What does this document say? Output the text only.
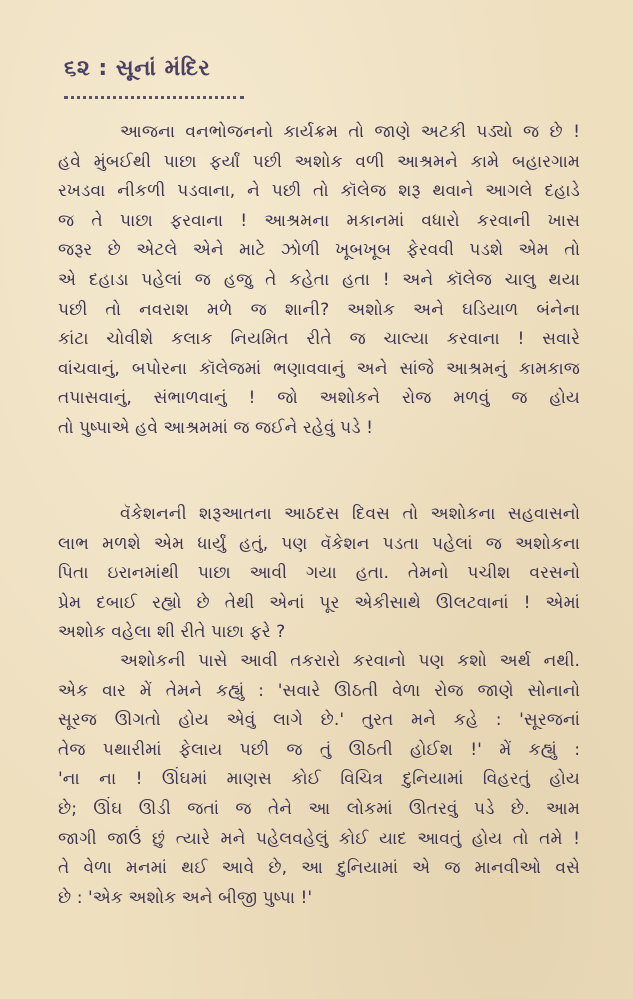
૬૨ : સૂનાં મંદિર
આજના વનભોજનનો કાર્યક્રમ તો જાણે અટકી પડ્યો જ છે !
હવે મુંબઈથી પાછા ફર્યાં પછી અશોક વળી આશ્રમને કામે બહારગામ
રખડવા નીકળી પડવાના, ને પછી તો કૉલેજ શરૂ થવાને આગલે દહાડે
જ તે પાછા ફરવાના ! આશ્રમના મકાનમાં વધારો કરવાની ખાસ
જરૂર છે એટલે એને માટે ઝોળી ખૂબખૂબ ફેરવવી પડશે એમ તો
એ દહાડા પહેલાં જ હજુ તે કહેતા હતા ! અને કૉલેજ ચાલુ થયા
પછી તો નવરાશ મળે જ શાની? અશોક અને ઘડિયાળ બંનેના
કાંટા ચોવીશે કલાક નિયમિત રીતે જ ચાલ્યા કરવાના ! સવારે
વાંચવાનું, બપોરના કૉલેજમાં ભણાવવાનું અને સાંજે આશ્રમનું કામકાજ
તપાસવાનું, સંભાળવાનું ! જો અશોકને રોજ મળવું જ હોય
તો પુષ્પાએ હવે આશ્રમમાં જ જઈને રહેવું પડે !
વૅકેશનની શરૂઆતના આઠદસ દિવસ તો અશોકના સહવાસનો
લાભ મળશે એમ ધાર્યું હતું, પણ વૅકેશન પડતા પહેલાં જ અશોકના
પિતા ઇરાનમાંથી પાછા આવી ગયા હતા. તેમનો પચીશ વરસનો
પ્રેમ દબાઈ રહ્યો છે તેથી એનાં પૂર એકીસાથે ઊલટવાનાં ! એમાં
અશોક વહેલા શી રીતે પાછા ફરે ?
અશોકની પાસે આવી તકરારો કરવાનો પણ કશો અર્થ નથી.
એક વાર મેં તેમને કહ્યું : 'સવારે ઊઠતી વેળા રોજ જાણે સોનાનો
સૂરજ ઊગતો હોય એવું લાગે છે.' તુરત મને કહે : 'સૂરજનાં
તેજ પથારીમાં ફેલાય પછી જ તું ઊઠતી હોઈશ !' મેં કહ્યું :
'ના ના ! ઊંઘમાં માણસ કોઈ વિચિત્ર દુનિયામાં વિહરતું હોય
છે; ઊંઘ ઊડી જતાં જ તેને આ લોકમાં ઊતરવું પડે છે. આમ
જાગી જાઉં છું ત્યારે મને પહેલવહેલું કોઈ યાદ આવતું હોય તો તમે !
તે વેળા મનમાં થઈ આવે છે, આ દુનિયામાં એ જ માનવીઓ વસે
છે : 'એક અશોક અને બીજી પુષ્પા !'
